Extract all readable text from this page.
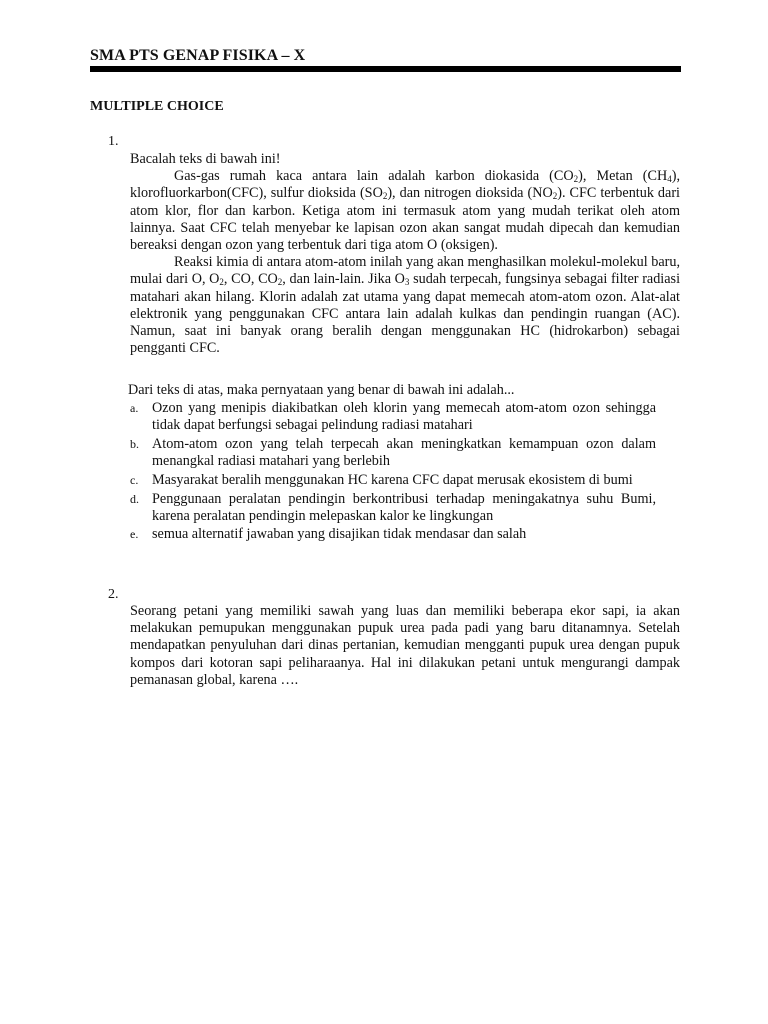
SMA PTS GENAP FISIKA – X
MULTIPLE CHOICE
1.

Bacalah teks di bawah ini!

Gas-gas rumah kaca antara lain adalah karbon diokasida $(CO_2)$, Metan $(CH_4)$, klorofluorkarbon(CFC), sulfur dioksida $(SO_2)$, dan nitrogen dioksida $(NO_2)$. CFC terbentuk dari atom klor, flor dan karbon. Ketiga atom ini termasuk atom yang mudah terikat oleh atom lainnya. Saat CFC telah menyebar ke lapisan ozon akan sangat mudah dipecah dan kemudian bereaksi dengan ozon yang terbentuk dari tiga atom O (oksigen).

Reaksi kimia di antara atom-atom inilah yang akan menghasilkan molekul-molekul baru, mulai dari O, $O_2$, CO, $CO_2$, dan lain-lain. Jika $O_3$ sudah terpecah, fungsinya sebagai filter radiasi matahari akan hilang. Klorin adalah zat utama yang dapat memecah atom-atom ozon. Alat-alat elektronik yang penggunakan CFC antara lain adalah kulkas dan pendingin ruangan (AC). Namun, saat ini banyak orang beralih dengan menggunakan HC (hidrokarbon) sebagai pengganti CFC.

Dari teks di atas, maka pernyataan yang benar di bawah ini adalah...
a. Ozon yang menipis diakibatkan oleh klorin yang memecah atom-atom ozon sehingga tidak dapat berfungsi sebagai pelindung radiasi matahari
b. Atom-atom ozon yang telah terpecah akan meningkatkan kemampuan ozon dalam menangkal radiasi matahari yang berlebih
c. Masyarakat beralih menggunakan HC karena CFC dapat merusak ekosistem di bumi
d. Penggunaan peralatan pendingin berkontribusi terhadap meningakatnya suhu Bumi, karena peralatan pendingin melepaskan kalor ke lingkungan
e. semua alternatif jawaban yang disajikan tidak mendasar dan salah
2.

Seorang petani yang memiliki sawah yang luas dan memiliki beberapa ekor sapi, ia akan melakukan pemupukan menggunakan pupuk urea pada padi yang baru ditanamnya. Setelah mendapatkan penyuluhan dari dinas pertanian, kemudian mengganti pupuk urea dengan pupuk kompos dari kotoran sapi peliharaanya. Hal ini dilakukan petani untuk mengurangi dampak pemanasan global, karena ….
